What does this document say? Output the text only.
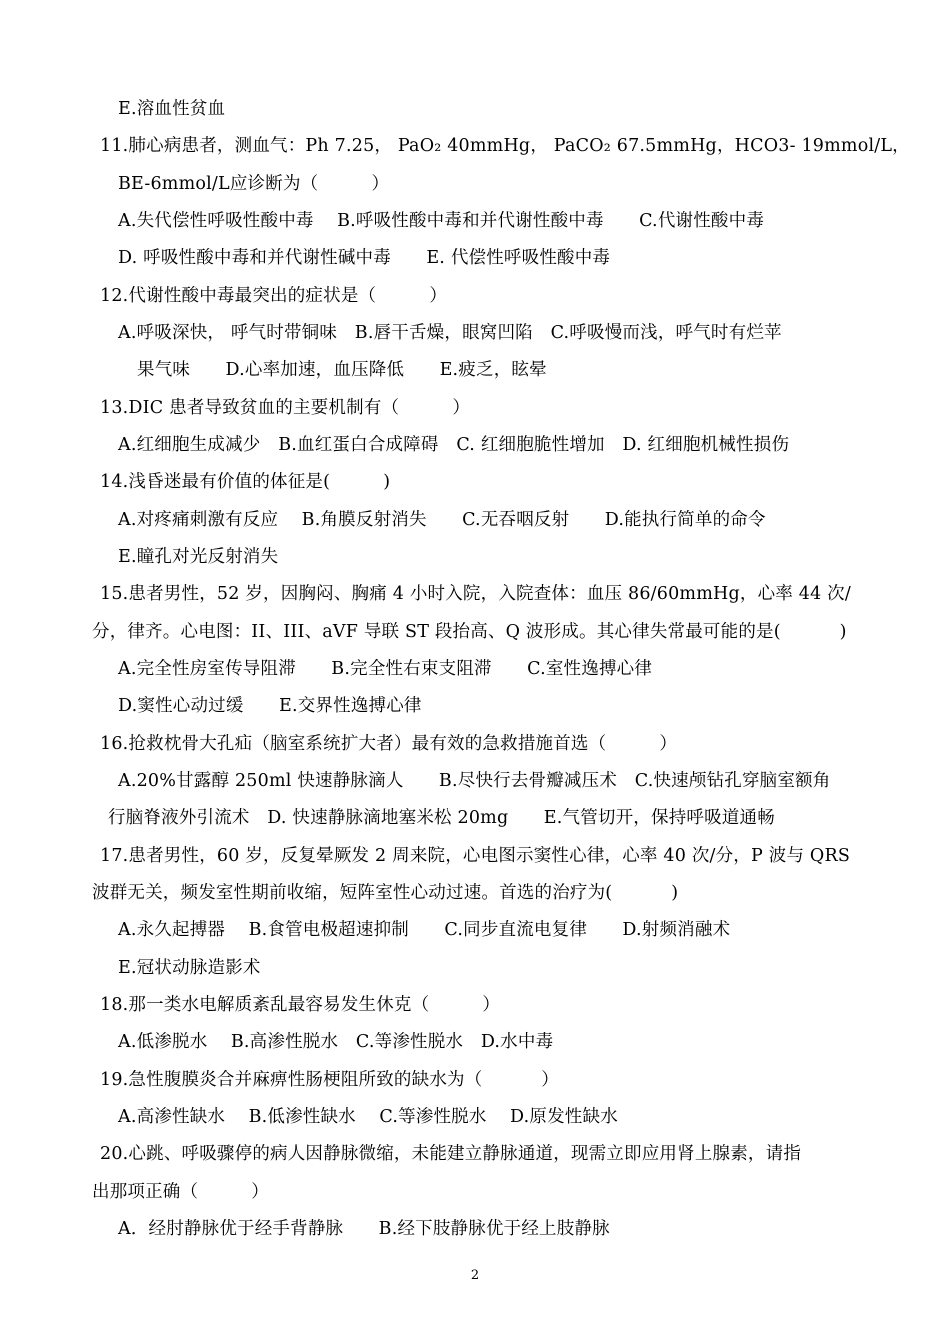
E.溶血性贫血
11.肺心病患者，测血气：Ph 7.25， PaO₂ 40mmHg， PaCO₂ 67.5mmHg，HCO3- 19mmol/L，
BE-6mmol/L应诊断为（　　　）
A.失代偿性呼吸性酸中毒　 B.呼吸性酸中毒和并代谢性酸中毒　　C.代谢性酸中毒
D. 呼吸性酸中毒和并代谢性碱中毒　　E. 代偿性呼吸性酸中毒
12.代谢性酸中毒最突出的症状是（　　　）
A.呼吸深快， 呼气时带铜味　B.唇干舌燥，眼窝凹陷　C.呼吸慢而浅，呼气时有烂苹
果气味　　D.心率加速，血压降低　　E.疲乏，眩晕
13.DIC 患者导致贫血的主要机制有（　　　）
A.红细胞生成减少　B.血红蛋白合成障碍　C. 红细胞脆性增加　D. 红细胞机械性损伤
14.浅昏迷最有价值的体征是(　　　)
A.对疼痛刺激有反应　 B.角膜反射消失　　C.无吞咽反射　　D.能执行简单的命令
E.瞳孔对光反射消失
15.患者男性，52 岁，因胸闷、胸痛 4 小时入院，入院查体：血压 86/60mmHg，心率 44 次/
分，律齐。心电图：II、III、aVF 导联 ST 段抬高、Q 波形成。其心律失常最可能的是(　　　 )
A.完全性房室传导阻滞　　B.完全性右束支阻滞　　C.室性逸搏心律
D.窦性心动过缓　　E.交界性逸搏心律
16.抢救枕骨大孔疝（脑室系统扩大者）最有效的急救措施首选（　　　）
A.20%甘露醇 250ml 快速静脉滴人　　B.尽快行去骨瓣减压术　C.快速颅钻孔穿脑室额角
行脑脊液外引流术　D. 快速静脉滴地塞米松 20mg　　E.气管切开，保持呼吸道通畅
17.患者男性，60 岁，反复晕厥发 2 周来院，心电图示窦性心律，心率 40 次/分，P 波与 QRS
波群无关，频发室性期前收缩，短阵室性心动过速。首选的治疗为(　　　 )
A.永久起搏器　 B.食管电极超速抑制　　C.同步直流电复律　　D.射频消融术
E.冠状动脉造影术
18.那一类水电解质紊乱最容易发生休克（　　　）
A.低渗脱水　 B.高渗性脱水　C.等渗性脱水　D.水中毒
19.急性腹膜炎合并麻痹性肠梗阻所致的缺水为（　　　 ）
A.高渗性缺水　 B.低渗性缺水　 C.等渗性脱水　 D.原发性缺水
20.心跳、呼吸骤停的病人因静脉微缩，未能建立静脉通道，现需立即应用肾上腺素，请指
出那项正确（　　　）
A．经肘静脉优于经手背静脉　　B.经下肢静脉优于经上肢静脉
2
